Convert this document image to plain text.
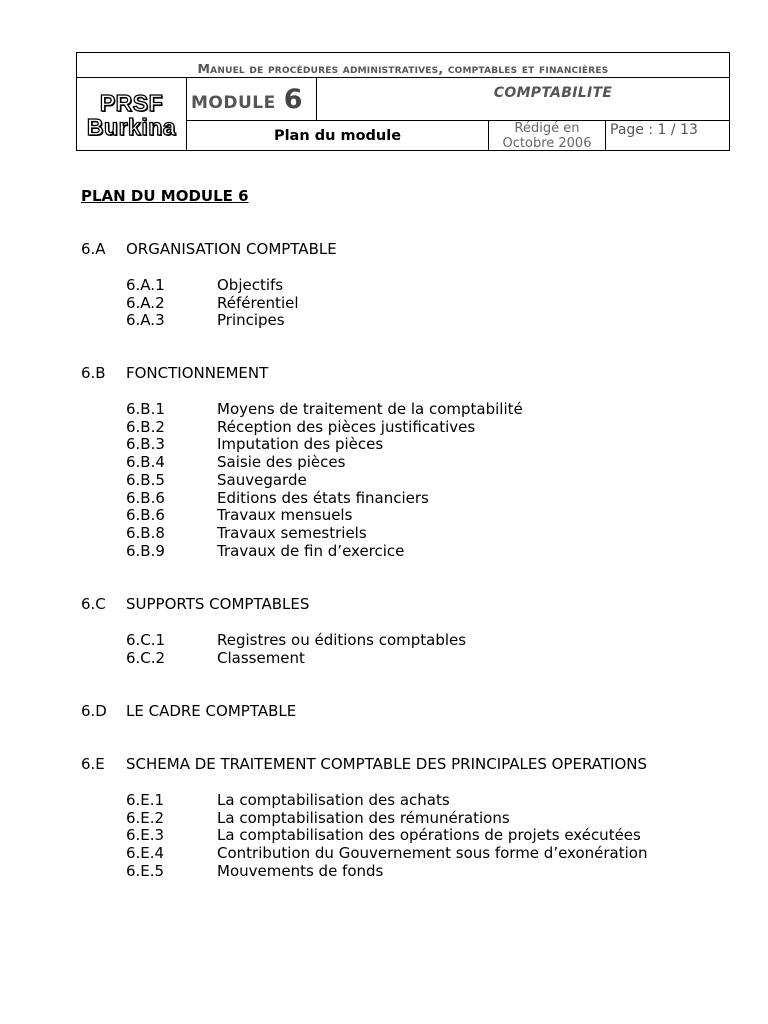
Manuel de procédures administratives, comptables et financières
PRSF
Burkina
MODULE 6	COMPTABILITE
Plan du module	Rédigé en
Octobre 2006
Page : 1 / 13
PLAN DU MODULE 6
6.A ORGANISATION COMPTABLE
6.A.1	Objectifs
6.A.2	Référentiel
6.A.3	Principes
6.B FONCTIONNEMENT
6.B.1	Moyens de traitement de la comptabilité
6.B.2	Réception des pièces justificatives
6.B.3	Imputation des pièces
6.B.4	Saisie des pièces
6.B.5	Sauvegarde
6.B.6	Editions des états financiers
6.B.6	Travaux mensuels
6.B.8	Travaux semestriels
6.B.9	Travaux de fin d’exercice
6.C SUPPORTS COMPTABLES
6.C.1	Registres ou éditions comptables
6.C.2	Classement
6.D LE CADRE COMPTABLE
6.E SCHEMA DE TRAITEMENT COMPTABLE DES PRINCIPALES OPERATIONS
6.E.1	La comptabilisation des achats
6.E.2	La comptabilisation des rémunérations
6.E.3	La comptabilisation des opérations de projets exécutées
6.E.4	Contribution du Gouvernement sous forme d’exonération
6.E.5	Mouvements de fonds
